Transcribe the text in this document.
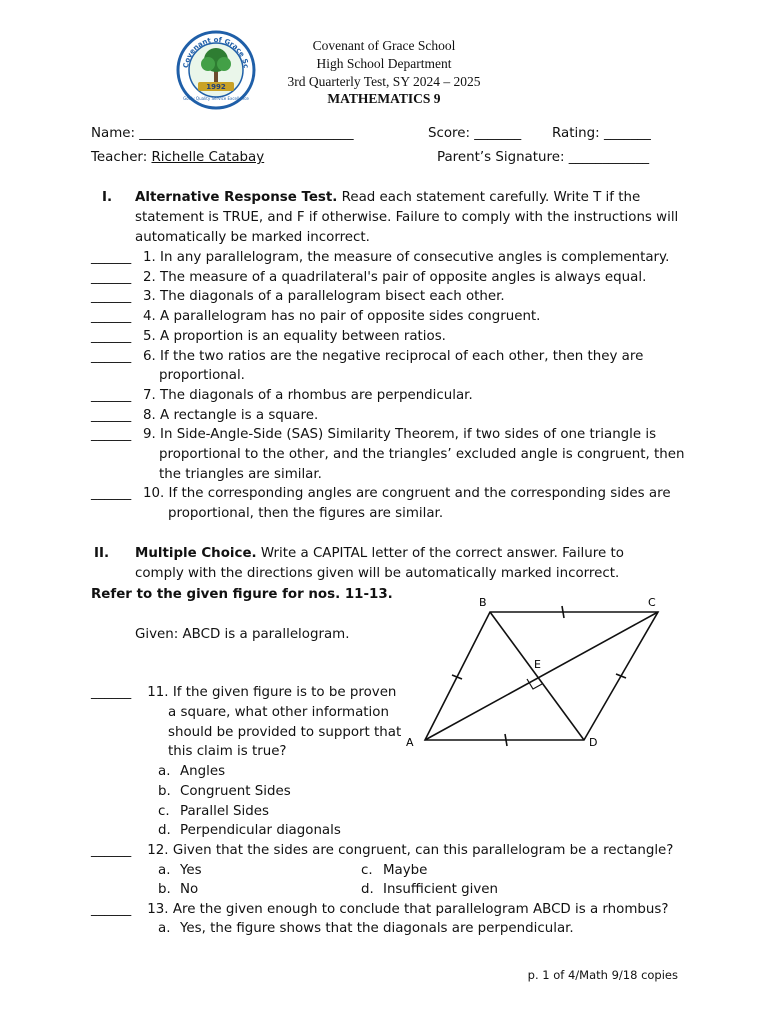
Covenant of Grace Sc
1992
Godly Quality Service Excellence
Covenant of Grace School
High School Department
3rd Quarterly Test, SY 2024 – 2025
MATHEMATICS 9
Name: ________________________________	Score: _______ Rating: _______
Teacher: Richelle Catabay	Parent’s Signature: ____________
I. Alternative Response Test. Read each statement carefully. Write T if the
statement is TRUE, and F if otherwise. Failure to comply with the instructions will
automatically be marked incorrect.
______ 1. In any parallelogram, the measure of consecutive angles is complementary.
______ 2. The measure of a quadrilateral's pair of opposite angles is always equal.
______ 3. The diagonals of a parallelogram bisect each other.
______ 4. A parallelogram has no pair of opposite sides congruent.
______ 5. A proportion is an equality between ratios.
______ 6. If the two ratios are the negative reciprocal of each other, then they are
proportional.
______ 7. The diagonals of a rhombus are perpendicular.
______ 8. A rectangle is a square.
______ 9. In Side-Angle-Side (SAS) Similarity Theorem, if two sides of one triangle is
proportional to the other, and the triangles’ excluded angle is congruent, then
the triangles are similar.
______ 10. If the corresponding angles are congruent and the corresponding sides are
proportional, then the figures are similar.
II. Multiple Choice. Write a CAPITAL letter of the correct answer. Failure to
comply with the directions given will be automatically marked incorrect.
Refer to the given figure for nos. 11-13.
Given: ABCD is a parallelogram.
______ 11. If the given figure is to be proven
a square, what other information
should be provided to support that
this claim is true?
a. Angles
b. Congruent Sides
c. Parallel Sides
d. Perpendicular diagonals
______ 12. Given that the sides are congruent, can this parallelogram be a rectangle?
a. Yes	c. Maybe
b. No	d. Insufficient given
______ 13. Are the given enough to conclude that parallelogram ABCD is a rhombus?
a. Yes, the figure shows that the diagonals are perpendicular.
A
B	C
D
E
p. 1 of 4/Math 9/18 copies
